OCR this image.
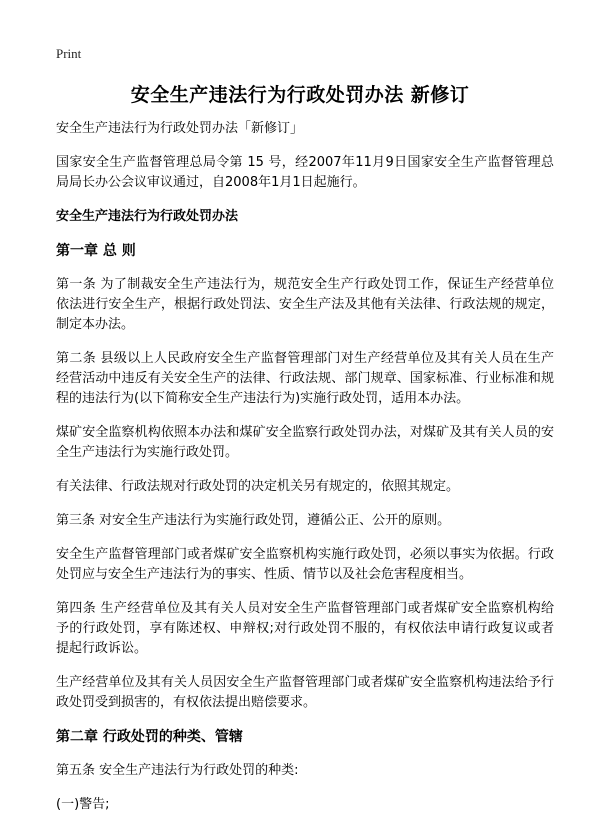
Print
安全生产违法行为行政处罚办法 新修订
安全生产违法行为行政处罚办法「新修订」
国家安全生产监督管理总局令第 15 号，经2007年11月9日国家安全生产监督管理总局局长办公会议审议通过，自2008年1月1日起施行。
安全生产违法行为行政处罚办法
第一章 总 则
第一条 为了制裁安全生产违法行为，规范安全生产行政处罚工作，保证生产经营单位依法进行安全生产，根据行政处罚法、安全生产法及其他有关法律、行政法规的规定，制定本办法。
第二条 县级以上人民政府安全生产监督管理部门对生产经营单位及其有关人员在生产经营活动中违反有关安全生产的法律、行政法规、部门规章、国家标准、行业标准和规程的违法行为(以下简称安全生产违法行为)实施行政处罚，适用本办法。
煤矿安全监察机构依照本办法和煤矿安全监察行政处罚办法，对煤矿及其有关人员的安全生产违法行为实施行政处罚。
有关法律、行政法规对行政处罚的决定机关另有规定的，依照其规定。
第三条 对安全生产违法行为实施行政处罚，遵循公正、公开的原则。
安全生产监督管理部门或者煤矿安全监察机构实施行政处罚，必须以事实为依据。行政处罚应与安全生产违法行为的事实、性质、情节以及社会危害程度相当。
第四条 生产经营单位及其有关人员对安全生产监督管理部门或者煤矿安全监察机构给予的行政处罚，享有陈述权、申辩权;对行政处罚不服的，有权依法申请行政复议或者提起行政诉讼。
生产经营单位及其有关人员因安全生产监督管理部门或者煤矿安全监察机构违法给予行政处罚受到损害的，有权依法提出赔偿要求。
第二章 行政处罚的种类、管辖
第五条 安全生产违法行为行政处罚的种类:
(一)警告;
